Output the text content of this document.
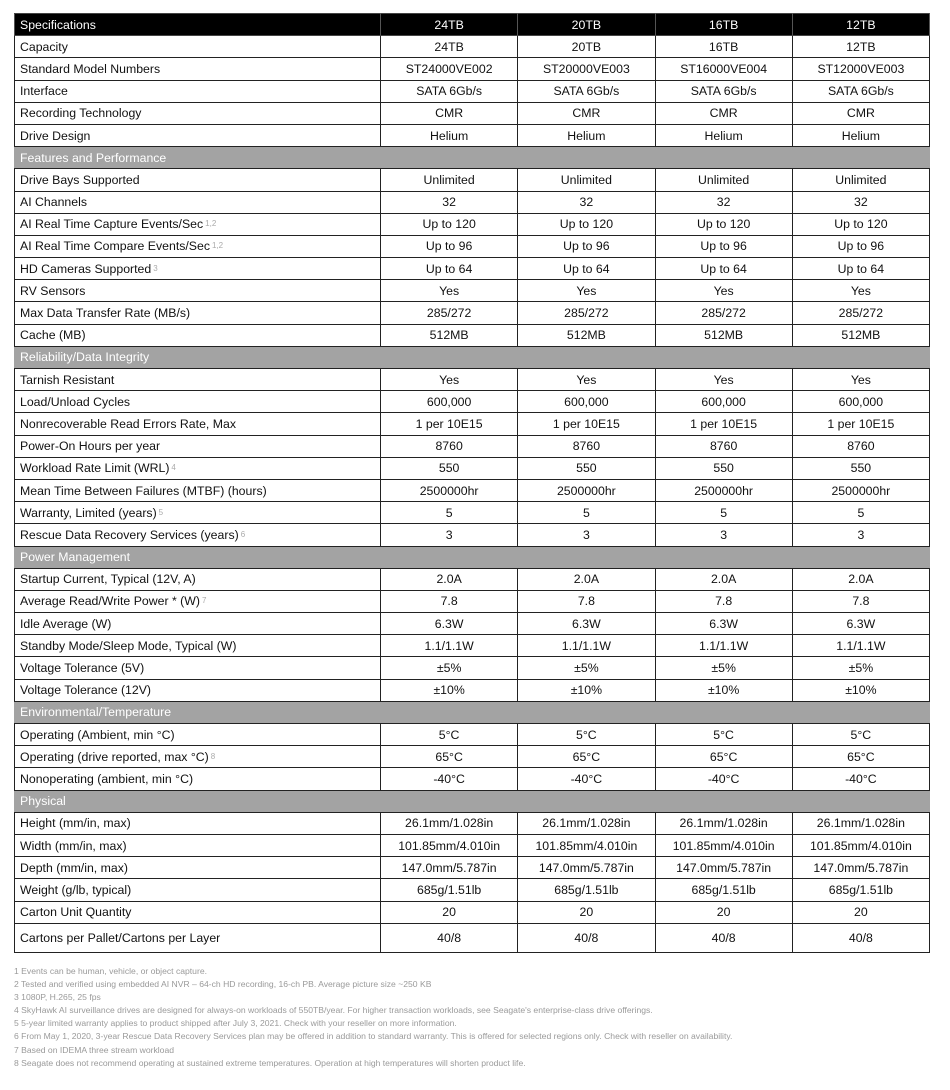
Specifications	24TB	20TB	16TB	12TB
Capacity	24TB	20TB	16TB	12TB
Standard Model Numbers	ST24000VE002	ST20000VE003	ST16000VE004	ST12000VE003
Interface	SATA 6Gb/s	SATA 6Gb/s	SATA 6Gb/s	SATA 6Gb/s
Recording Technology	CMR	CMR	CMR	CMR
Drive Design	Helium	Helium	Helium	Helium
Features and Performance				
Drive Bays Supported	Unlimited	Unlimited	Unlimited	Unlimited
AI Channels	32	32	32	32
AI Real Time Capture Events/Sec $^{1,2}$	Up to 120	Up to 120	Up to 120	Up to 120
AI Real Time Compare Events/Sec $^{1,2}$	Up to 96	Up to 96	Up to 96	Up to 96
HD Cameras Supported $^3$	Up to 64	Up to 64	Up to 64	Up to 64
RV Sensors	Yes	Yes	Yes	Yes
Max Data Transfer Rate (MB/s)	285/272	285/272	285/272	285/272
Cache (MB)	512MB	512MB	512MB	512MB
Reliability/Data Integrity				
Tarnish Resistant	Yes	Yes	Yes	Yes
Load/Unload Cycles	600,000	600,000	600,000	600,000
Nonrecoverable Read Errors Rate, Max	1 per 10E15	1 per 10E15	1 per 10E15	1 per 10E15
Power-On Hours per year	8760	8760	8760	8760
Workload Rate Limit (WRL) $^4$	550	550	550	550
Mean Time Between Failures (MTBF) (hours)	2500000hr	2500000hr	2500000hr	2500000hr
Warranty, Limited (years) $^5$	5	5	5	5
Rescue Data Recovery Services (years) $^6$	3	3	3	3
Power Management				
Startup Current, Typical (12V, A)	2.0A	2.0A	2.0A	2.0A
Average Read/Write Power * (W) $^7$	7.8	7.8	7.8	7.8
Idle Average (W)	6.3W	6.3W	6.3W	6.3W
Standby Mode/Sleep Mode, Typical (W)	1.1/1.1W	1.1/1.1W	1.1/1.1W	1.1/1.1W
Voltage Tolerance (5V)	±5%	±5%	±5%	±5%
Voltage Tolerance (12V)	±10%	±10%	±10%	±10%
Environmental/Temperature				
Operating (Ambient, min °C)	5°C	5°C	5°C	5°C
Operating (drive reported, max °C) $^8$	65°C	65°C	65°C	65°C
Nonoperating (ambient, min °C)	-40°C	-40°C	-40°C	-40°C
Physical				
Height (mm/in, max)	26.1mm/1.028in	26.1mm/1.028in	26.1mm/1.028in	26.1mm/1.028in
Width (mm/in, max)	101.85mm/4.010in	101.85mm/4.010in	101.85mm/4.010in	101.85mm/4.010in
Depth (mm/in, max)	147.0mm/5.787in	147.0mm/5.787in	147.0mm/5.787in	147.0mm/5.787in
Weight (g/lb, typical)	685g/1.51lb	685g/1.51lb	685g/1.51lb	685g/1.51lb
Carton Unit Quantity	20	20	20	20
Cartons per Pallet/Cartons per Layer	40/8	40/8	40/8	40/8
1 Events can be human, vehicle, or object capture.
2 Tested and verified using embedded AI NVR – 64-ch HD recording, 16-ch PB. Average picture size ~250 KB
3 1080P, H.265, 25 fps
4 SkyHawk AI surveillance drives are designed for always-on workloads of 550TB/year. For higher transaction workloads, see Seagate's enterprise-class drive offerings.
5 5-year limited warranty applies to product shipped after July 3, 2021. Check with your reseller on more information.
6 From May 1, 2020, 3-year Rescue Data Recovery Services plan may be offered in addition to standard warranty. This is offered for selected regions only. Check with reseller on availability.
7 Based on IDEMA three stream workload
8 Seagate does not recommend operating at sustained extreme temperatures. Operation at high temperatures will shorten product life.
